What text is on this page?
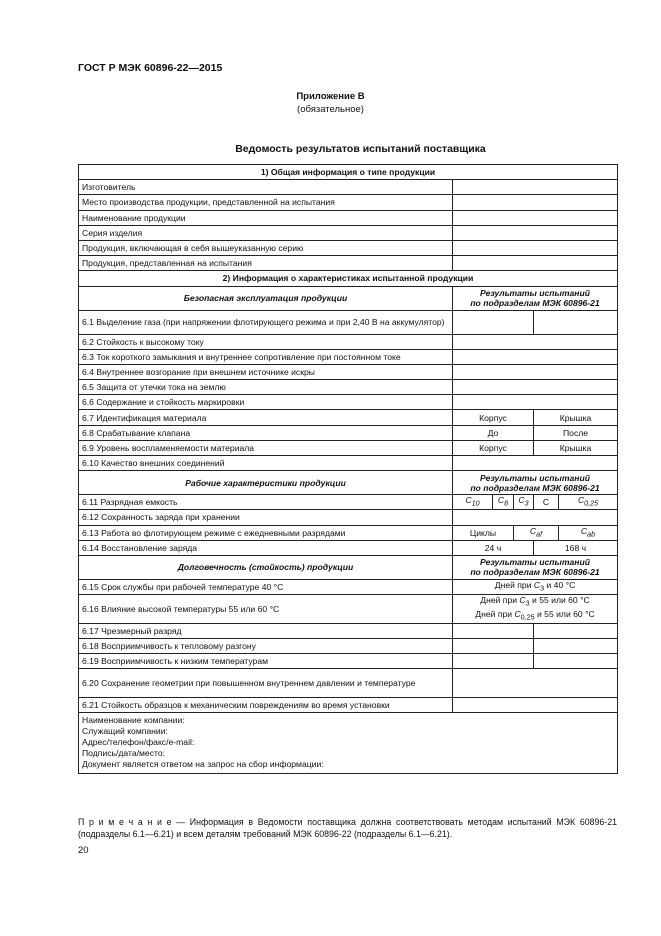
ГОСТ Р МЭК 60896-22—2015
Приложение В
(обязательное)
Ведомость результатов испытаний поставщика
1) Общая информация о типе продукции					
Изготовитель					
Место производства продукции, представленной на испытания					
Наименование продукции					
Серия изделия					
Продукция, включающая в себя вышеуказанную серию					
Продукция, представленная на испытания					
2) Информация о характеристиках испытанной продукции					
Безопасная эксплуатация продукции	Результаты испытаний
по подразделам МЭК 60896-21				
6.1 Выделение газа (при напряжении флотирующего режима и при 2,40 В на аккумулятор)					
6.2 Стойкость к высокому току					
6.3 Ток короткого замыкания и внутреннее сопротивление при постоянном токе					
6.4 Внутреннее возгорание при внешнем источнике искры					
6.5 Защита от утечки тока на землю					
6.6 Содержание и стойкость маркировки					
6.7 Идентификация материала	Корпус			Крышка	
6.8 Срабатывание клапана	До			После	
6.9 Уровень воспламеняемости материала	Корпус			Крышка	
6.10 Качество внешних соединений					
Рабочие характеристики продукции	Результаты испытаний
по подразделам МЭК 60896-21				
6.11 Разрядная емкость	$C_{10}$	$C_8$	$C_3$	C	$C_{0,25}$
6.12 Сохранность заряда при хранении					
6.13 Работа во флотирующем режиме с ежедневными разрядами	Циклы		$C_{af}$		$C_{ab}$
6.14 Восстановление заряда	24 ч			168 ч	
Долговечность (стойкость) продукции	Результаты испытаний
по подразделам МЭК 60896-21				
6.15 Срок службы при рабочей температуре 40 °С	Дней при $C_3$ и 40 °С				
6.16 Влияние высокой температуры 55 или 60 °С	Дней при $C_3$ и 55 или 60 °С
Дней при $C_{0,25}$ и 55 или 60 °С				
6.17 Чрезмерный разряд					
6.18 Восприимчивость к тепловому разгону					
6.19 Восприимчивость к низким температурам					
6.20 Сохранение геометрии при повышенном внутреннем давлении и температуре					
6.21 Стойкость образцов к механическим повреждениям во время установки					

Наименование компании:
Служащий компании:
Адрес/телефон/факс/e-mail:
Подпись/дата/место:
Документ является ответом на запрос на сбор информации:					
П р и м е ч а н и е — Информация в Ведомости поставщика должна соответствовать методам испытаний МЭК 60896-21 (подразделы 6.1—6.21) и всем деталям требований МЭК 60896-22 (подразделы 6.1—6.21).
20
